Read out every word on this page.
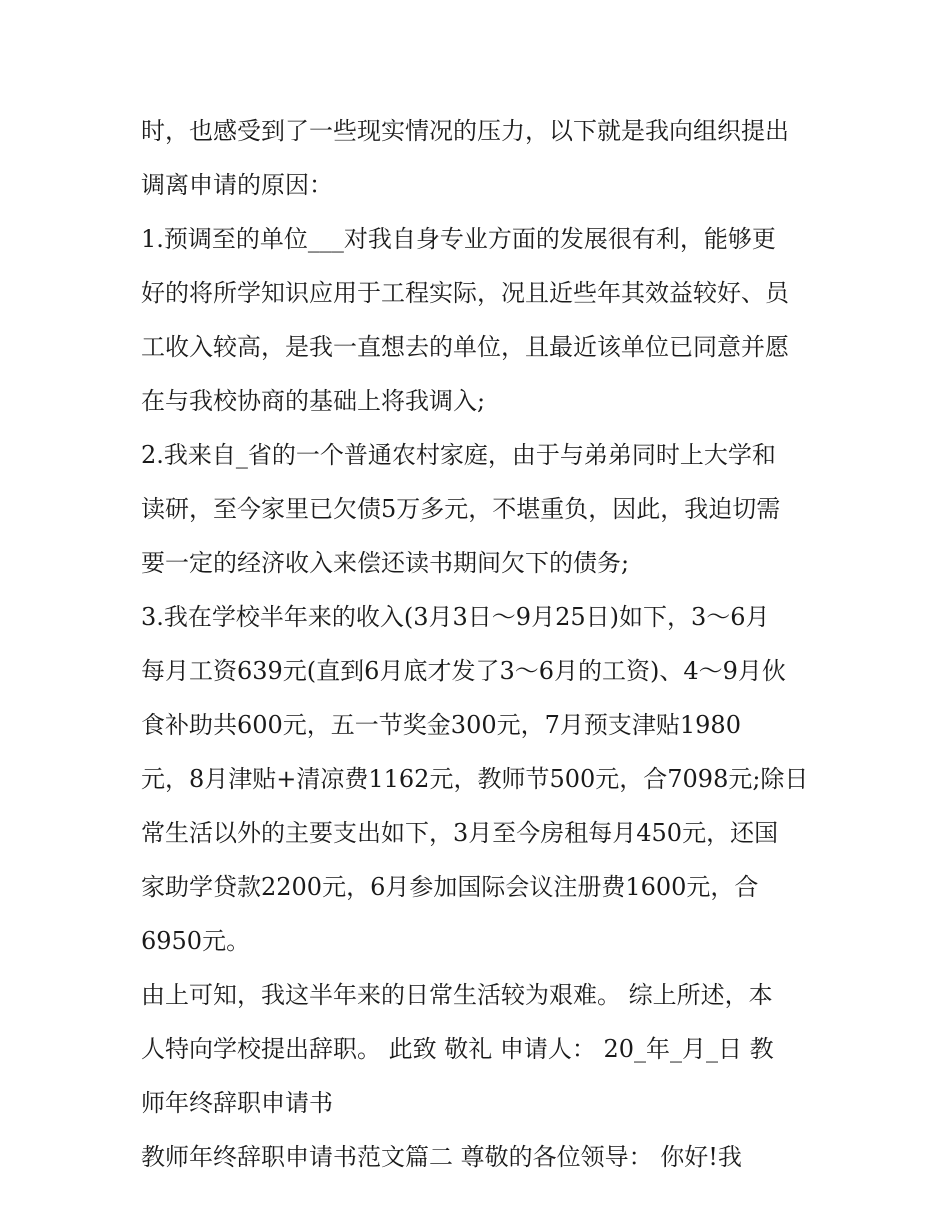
时，也感受到了一些现实情况的压力，以下就是我向组织提出
调离申请的原因：
1.预调至的单位___对我自身专业方面的发展很有利，能够更
好的将所学知识应用于工程实际，况且近些年其效益较好、员
工收入较高，是我一直想去的单位，且最近该单位已同意并愿
在与我校协商的基础上将我调入;
2.我来自_省的一个普通农村家庭，由于与弟弟同时上大学和
读研，至今家里已欠债5万多元，不堪重负，因此，我迫切需
要一定的经济收入来偿还读书期间欠下的债务;
3.我在学校半年来的收入(3月3日～9月25日)如下，3～6月
每月工资639元(直到6月底才发了3～6月的工资)、4～9月伙
食补助共600元，五一节奖金300元，7月预支津贴1980
元，8月津贴+清凉费1162元，教师节500元，合7098元;除日
常生活以外的主要支出如下，3月至今房租每月450元，还国
家助学贷款2200元，6月参加国际会议注册费1600元，合
6950元。
由上可知，我这半年来的日常生活较为艰难。 综上所述，本
人特向学校提出辞职。 此致 敬礼 申请人： 20_年_月_日 教
师年终辞职申请书
教师年终辞职申请书范文篇二 尊敬的各位领导： 你好!我
